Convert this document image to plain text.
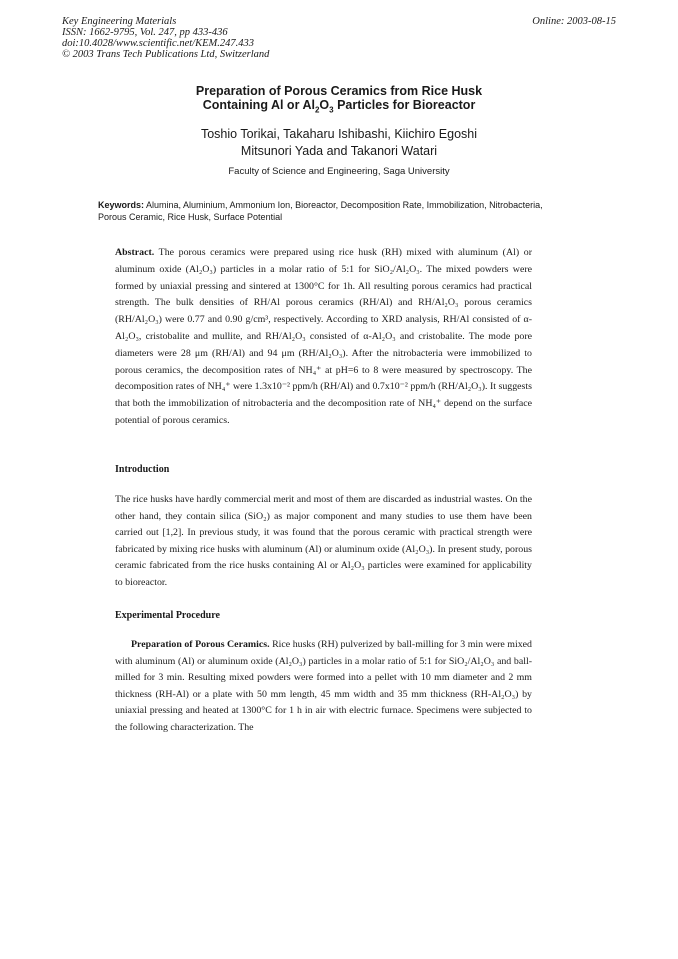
Key Engineering Materials
ISSN: 1662-9795, Vol. 247, pp 433-436
doi:10.4028/www.scientific.net/KEM.247.433
© 2003 Trans Tech Publications Ltd, Switzerland
Online: 2003-08-15
Preparation of Porous Ceramics from Rice Husk
Containing Al or $Al_2O_3$ Particles for Bioreactor
Toshio Torikai, Takaharu Ishibashi, Kiichiro Egoshi
Mitsunori Yada and Takanori Watari
Faculty of Science and Engineering, Saga University
Keywords: Alumina, Aluminium, Ammonium Ion, Bioreactor, Decomposition Rate, Immobilization, Nitrobacteria, Porous Ceramic, Rice Husk, Surface Potential
Abstract. The porous ceramics were prepared using rice husk (RH) mixed with aluminum (Al) or aluminum oxide (Al₂O₃) particles in a molar ratio of 5:1 for SiO₂/Al₂O₃. The mixed powders were formed by uniaxial pressing and sintered at 1300°C for 1h. All resulting porous ceramics had practical strength. The bulk densities of RH/Al porous ceramics (RH/Al) and RH/Al₂O₃ porous ceramics (RH/Al₂O₃) were 0.77 and 0.90 g/cm³, respectively. According to XRD analysis, RH/Al consisted of α-Al₂O₃, cristobalite and mullite, and RH/Al₂O₃ consisted of α-Al₂O₃ and cristobalite. The mode pore diameters were 28 μm (RH/Al) and 94 μm (RH/Al₂O₃). After the nitrobacteria were immobilized to porous ceramics, the decomposition rates of NH₄⁺ at pH=6 to 8 were measured by spectroscopy. The decomposition rates of NH₄⁺ were 1.3x10⁻² ppm/h (RH/Al) and 0.7x10⁻² ppm/h (RH/Al₂O₃). It suggests that both the immobilization of nitrobacteria and the decomposition rate of NH₄⁺ depend on the surface potential of porous ceramics.
Introduction
The rice husks have hardly commercial merit and most of them are discarded as industrial wastes. On the other hand, they contain silica (SiO₂) as major component and many studies to use them have been carried out [1,2]. In previous study, it was found that the porous ceramic with practical strength were fabricated by mixing rice husks with aluminum (Al) or aluminum oxide (Al₂O₃). In present study, porous ceramic fabricated from the rice husks containing Al or Al₂O₃ particles were examined for applicability to bioreactor.
Experimental Procedure
Preparation of Porous Ceramics. Rice husks (RH) pulverized by ball-milling for 3 min were mixed with aluminum (Al) or aluminum oxide (Al₂O₃) particles in a molar ratio of 5:1 for SiO₂/Al₂O₃ and ball-milled for 3 min. Resulting mixed powders were formed into a pellet with 10 mm diameter and 2 mm thickness (RH-Al) or a plate with 50 mm length, 45 mm width and 35 mm thickness (RH-Al₂O₃) by uniaxial pressing and heated at 1300°C for 1 h in air with electric furnace. Specimens were subjected to the following characterization. The
